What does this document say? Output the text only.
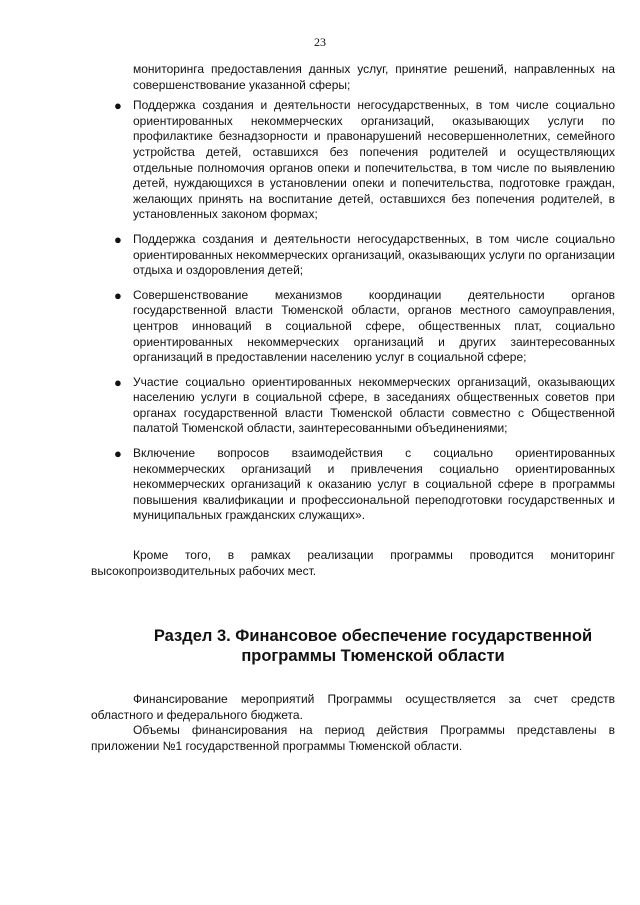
23

мониторинга предоставления данных услуг, принятие решений, направленных на совершенствование указанной сферы;

● Поддержка создания и деятельности негосударственных, в том числе социально ориентированных некоммерческих организаций, оказывающих услуги по профилактике безнадзорности и правонарушений несовершеннолетних, семейного устройства детей, оставшихся без попечения родителей и осуществляющих отдельные полномочия органов опеки и попечительства, в том числе по выявлению детей, нуждающихся в установлении опеки и попечительства, подготовке граждан, желающих принять на воспитание детей, оставшихся без попечения родителей, в установленных законом формах;
● Поддержка создания и деятельности негосударственных, в том числе социально ориентированных некоммерческих организаций, оказывающих услуги по организации отдыха и оздоровления детей;
● Совершенствование механизмов координации деятельности органов государственной власти Тюменской области, органов местного самоуправления, центров инноваций в социальной сфере, общественных плат, социально ориентированных некоммерческих организаций и других заинтересованных организаций в предоставлении населению услуг в социальной сфере;
● Участие социально ориентированных некоммерческих организаций, оказывающих населению услуги в социальной сфере, в заседаниях общественных советов при органах государственной власти Тюменской области совместно с Общественной палатой Тюменской области, заинтересованными объединениями;
● Включение вопросов взаимодействия с социально ориентированных некоммерческих организаций и привлечения социально ориентированных некоммерческих организаций к оказанию услуг в социальной сфере в программы повышения квалификации и профессиональной переподготовки государственных и муниципальных гражданских служащих».

Кроме того, в рамках реализации программы проводится мониторинг высокопроизводительных рабочих мест.

Раздел 3. Финансовое обеспечение государственной программы Тюменской области

Финансирование мероприятий Программы осуществляется за счет средств областного и федерального бюджета.

Объемы финансирования на период действия Программы представлены в приложении №1 государственной программы Тюменской области.
